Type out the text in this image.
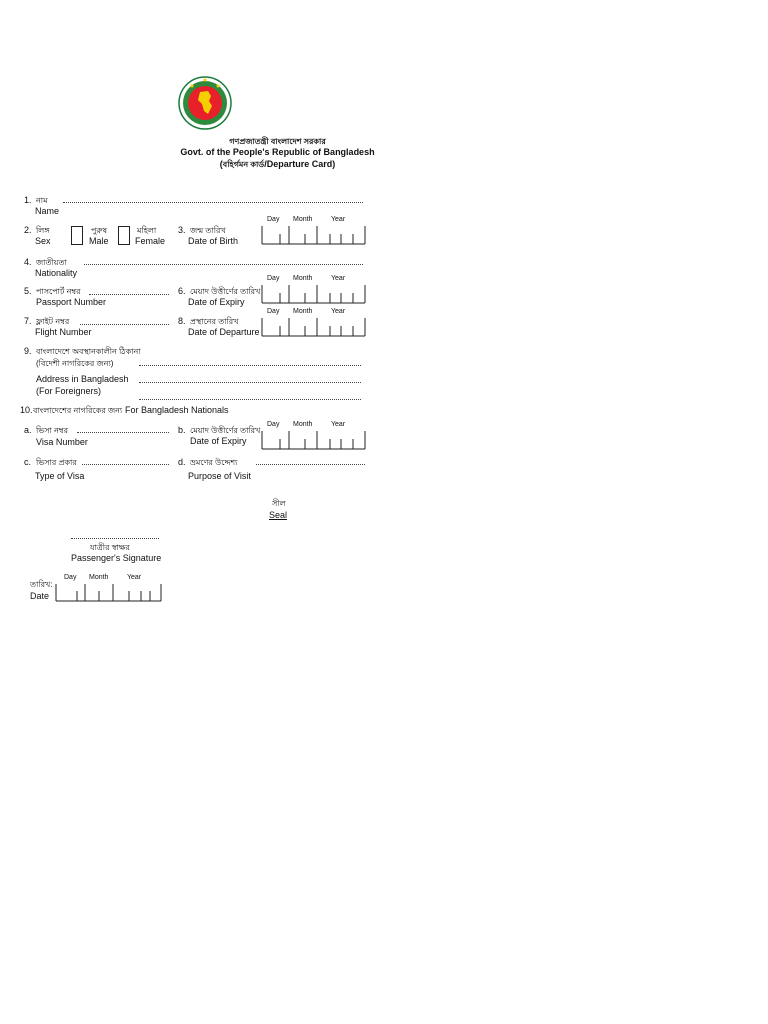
গণপ্রজাতন্ত্রী বাংলাদেশ সরকার
Govt. of the People's Republic of Bangladesh
(বহির্গমন কার্ড/Departure Card)
1. নাম
Name
2. লিঙ্গ
Sex
পুরুষ
Male
মহিলা
Female
3. জন্ম তারিখ
Date of Birth
Day Month	Year
4. জাতীয়তা
Nationality
5. পাসপোর্ট নম্বর
Passport Number
6. মেয়াদ উত্তীর্ণের তারিখ
Date of Expiry
Day Month	Year
7. ফ্লাইট নম্বর
Flight Number
8. প্রস্থানের তারিখ
Date of Departure
Day Month	Year
9. বাংলাদেশে অবস্থানকালীন ঠিকানা
(বিদেশী নাগরিকের জন্য)
Address in Bangladesh
(For Foreigners)
10. বাংলাদেশের নাগরিকের জন্য For Bangladesh Nationals
a. ভিসা নম্বর
Visa Number
b. মেয়াদ উত্তীর্ণের তারিখ
Date of Expiry
Day Month	Year
c. ভিসার প্রকার
Type of Visa
d. ভ্রমণের উদ্দেশ্য
Purpose of Visit
সীল
Seal
যাত্রীর স্বাক্ষর
Passenger's Signature
তারিখ:
Date
Day Month	Year
